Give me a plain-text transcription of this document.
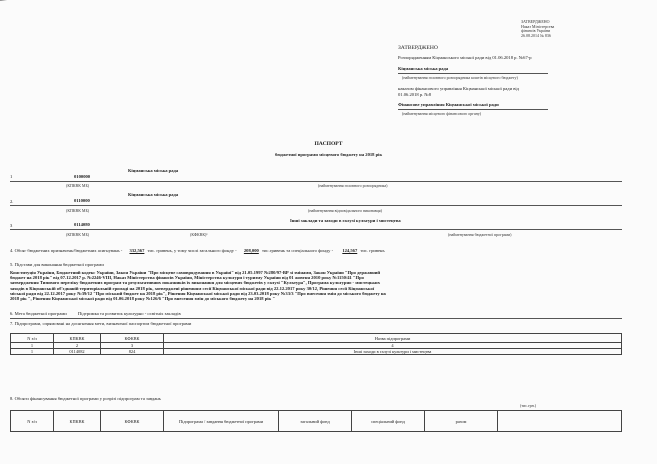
ЗАТВЕРДЖЕНО
Наказ Міністерства
фінансів України
26.08.2014 № 836
ЗАТВЕРДЖЕНО
Розпорядженням Кіцманського міської ради від 01.06.2018 р. №67-р
Кіцманська міська рада
(найменування головного розпорядника коштів місцевого бюджету)
наказом фінансового управління Кіцманської міської ради від
01.06.2018 р. №8
Фінансове управління Кіцманської міської ради
(найменування місцевого фінансового органу)
ПАСПОРТ
бюджетної програми місцевого бюджету на 2018 рік
1	0100000
Кіцманська міська рада
(КПКВК МБ)	(найменування головного розпорядника)
2.	0110000
Кіцманська міська рада
(КПКВК МБ)	(найменування відповідального виконавця)
3	0114080
Інші заклади та заходи в галузі культури і мистецтва
(КПКВК МБ)	(КФКВК)¹	(найменування бюджетної програми)
4. Обсяг бюджетних призначень/бюджетних асигнувань - 332,567 тис. гривень, у тому числі загального фонду - 208,000 тис.гривень та спеціального фонду - 124,567 тис. гривень
5. Підстави для виконання бюджетної програми
Конституція України, Бюджетний кодекс України, Закон України "Про місцеве самоврядування в Україні" від 21.05.1997 №280/97-ВР зі змінами, Закон України "Про державний
бюджет на 2018 рік" від 07.12.2017 р. №2246-VIII, Наказ Міністерства фінансів України, Міністерства культури і туризму України від 01 жовтня 2010 року №1150/41 "Про
затвердження Типового переліку бюджетних програм та результативних показників їх виконання для місцевих бюджетів у галузі "Культура", Програма культурно - мистецьких
заходів в Кіцманській об'єднаній територіальній громаді на 2018 рік, затверджені рішенням сесії Кіцманської міської ради від 22.12.2017 року 30/12, Рішення сесії Кіцманської
міської ради від 22.12.2017 року №39/12 "Про міський бюджет на 2018 рік", Рішення Кіцманської міської ради від 23.03.2018 року №33/3 "Про внесення змін до міського бюджету на
2018 рік ", Рішення Кіцманської міської ради від 01.06.2018 року №126/6 "Про внесення змін до міського бюджету на 2018 рік "
6. Мета бюджетної програми Підтримка та розвиток культурно - освітніх закладів
7. Підпрограми, спрямовані на досягнення мети, визначеної паспортом бюджетної програми
N з/п	КПКВК	КФКВК	Назва підпрограми
1	2	3	4
1	0114082	824	Інші заходи в галузі культури і мистецтва
8. Обсяги фінансування бюджетної програми у розрізі підпрограм та завдань
(тис.грн.)
N з/п	КПКВК	КФКВК	Підпрограма / завдання бюджетної програми	загальний фонд	спеціальний фонд	разом	
